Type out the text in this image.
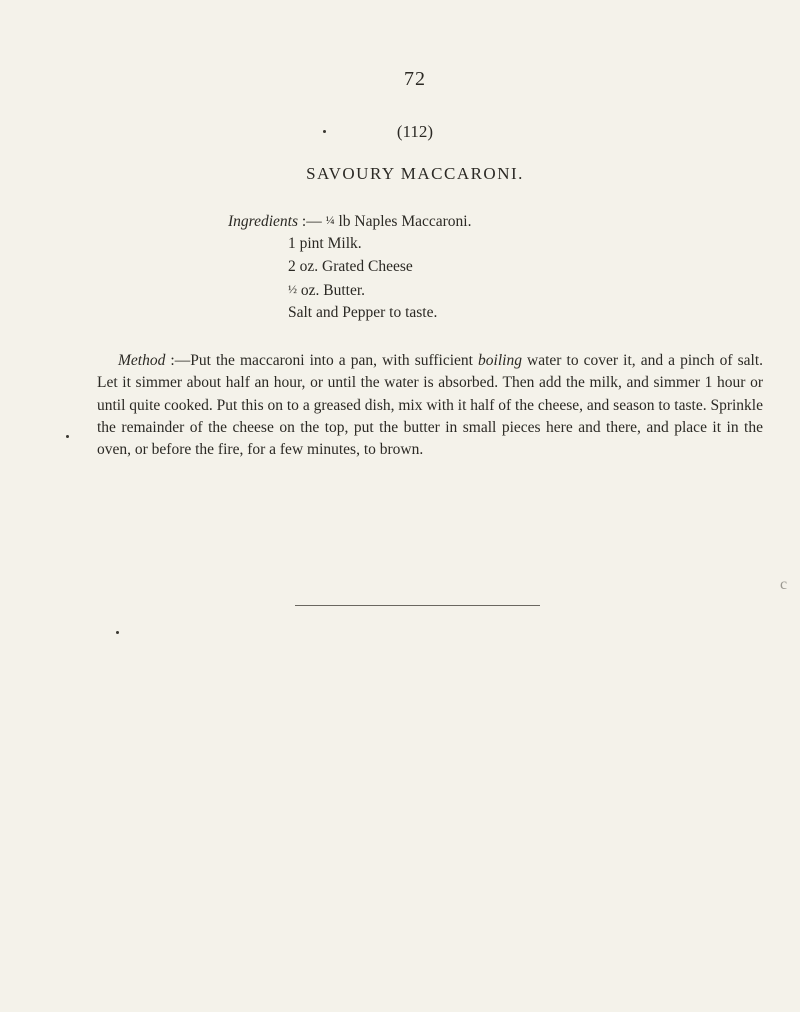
72
(112)
SAVOURY MACCARONI.
Ingredients :— ¼ lb Naples Maccaroni.
1 pint Milk.
2 oz. Grated Cheese
½ oz. Butter.
Salt and Pepper to taste.

Method :—Put the maccaroni into a pan, with sufficient boiling water to cover it, and a pinch of salt. Let it simmer about half an hour, or until the water is absorbed. Then add the milk, and simmer 1 hour or until quite cooked. Put this on to a greased dish, mix with it half of the cheese, and season to taste. Sprinkle the remainder of the cheese on the top, put the butter in small pieces here and there, and place it in the oven, or before the fire, for a few minutes, to brown.

c
